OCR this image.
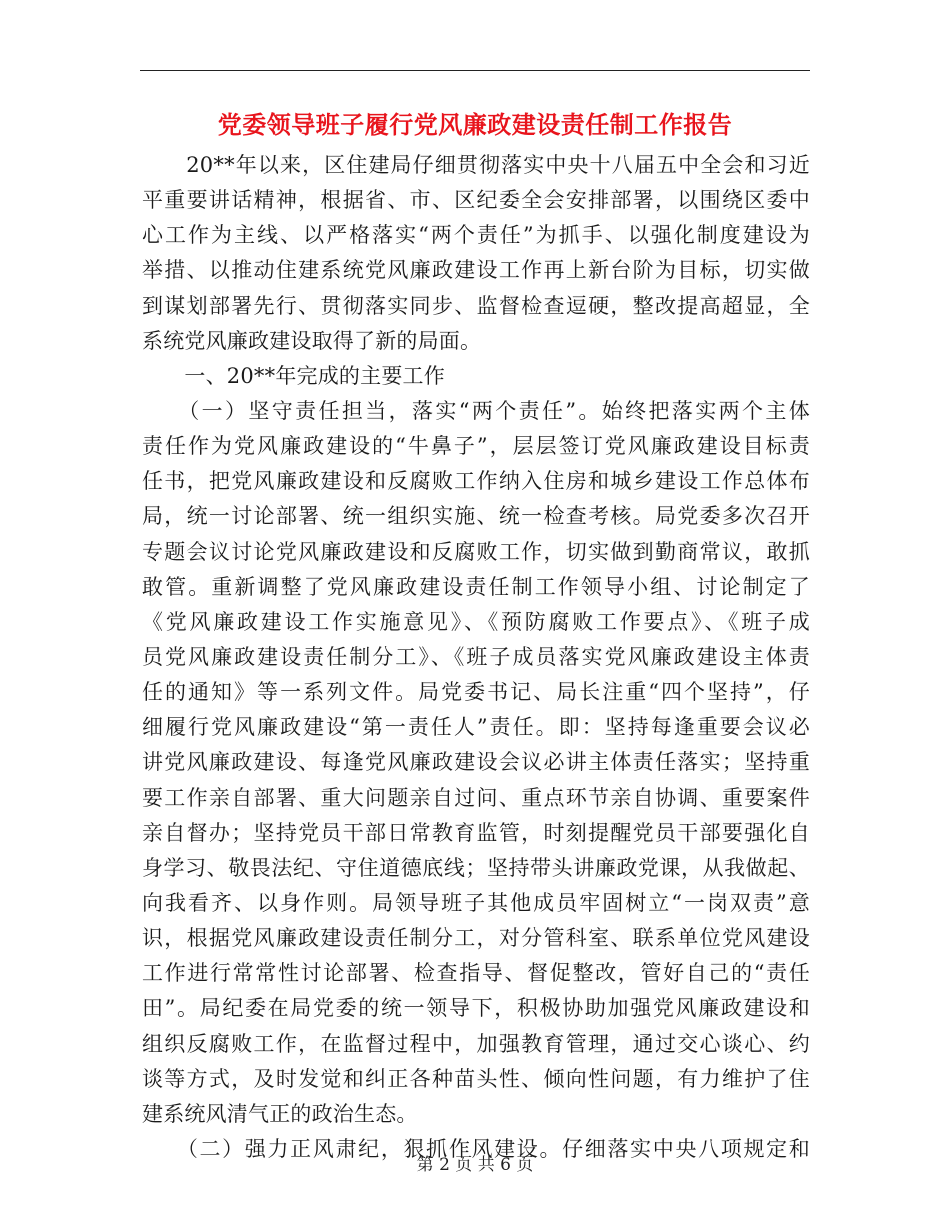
党委领导班子履行党风廉政建设责任制工作报告
　　20**年以来，区住建局仔细贯彻落实中央十八届五中全会和习近
平重要讲话精神，根据省、市、区纪委全会安排部署，以围绕区委中
心工作为主线、以严格落实“两个责任”为抓手、以强化制度建设为
举措、以推动住建系统党风廉政建设工作再上新台阶为目标，切实做
到谋划部署先行、贯彻落实同步、监督检查逗硬，整改提高超显，全
系统党风廉政建设取得了新的局面。
　　一、20**年完成的主要工作
　　（一）坚守责任担当，落实“两个责任”。始终把落实两个主体
责任作为党风廉政建设的“牛鼻子”，层层签订党风廉政建设目标责
任书，把党风廉政建设和反腐败工作纳入住房和城乡建设工作总体布
局，统一讨论部署、统一组织实施、统一检查考核。局党委多次召开
专题会议讨论党风廉政建设和反腐败工作，切实做到勤商常议，敢抓
敢管。重新调整了党风廉政建设责任制工作领导小组、讨论制定了
《党风廉政建设工作实施意见》、《预防腐败工作要点》、《班子成
员党风廉政建设责任制分工》、《班子成员落实党风廉政建设主体责
任的通知》等一系列文件。局党委书记、局长注重“四个坚持”，仔
细履行党风廉政建设“第一责任人”责任。即：坚持每逢重要会议必
讲党风廉政建设、每逢党风廉政建设会议必讲主体责任落实；坚持重
要工作亲自部署、重大问题亲自过问、重点环节亲自协调、重要案件
亲自督办；坚持党员干部日常教育监管，时刻提醒党员干部要强化自
身学习、敬畏法纪、守住道德底线；坚持带头讲廉政党课，从我做起、
向我看齐、以身作则。局领导班子其他成员牢固树立“一岗双责”意
识，根据党风廉政建设责任制分工，对分管科室、联系单位党风建设
工作进行常常性讨论部署、检查指导、督促整改，管好自己的“责任
田”。局纪委在局党委的统一领导下，积极协助加强党风廉政建设和
组织反腐败工作，在监督过程中，加强教育管理，通过交心谈心、约
谈等方式，及时发觉和纠正各种苗头性、倾向性问题，有力维护了住
建系统风清气正的政治生态。
　　（二）强力正风肃纪，狠抓作风建设。仔细落实中央八项规定和
第 2 页 共 6 页
